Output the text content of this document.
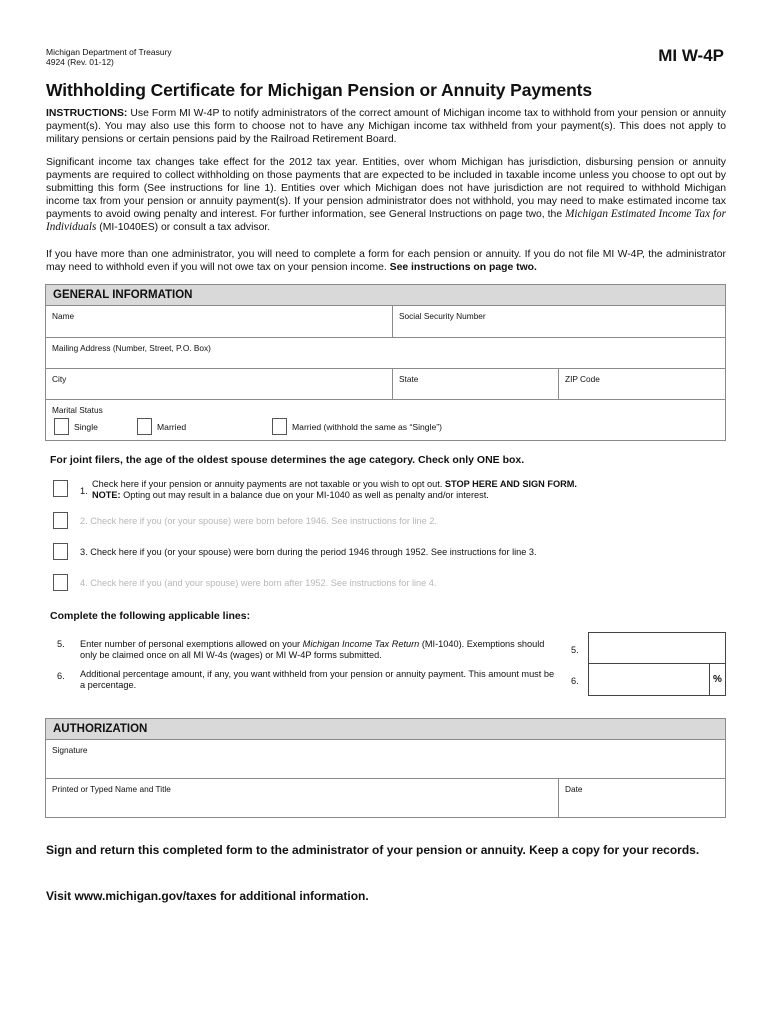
Michigan Department of Treasury
4924 (Rev. 01-12)	MI W-4P
Withholding Certificate for Michigan Pension or Annuity Payments
INSTRUCTIONS: Use Form MI W-4P to notify administrators of the correct amount of Michigan income tax to withhold from your pension or annuity payment(s). You may also use this form to choose not to have any Michigan income tax withheld from your payment(s). This does not apply to military pensions or certain pensions paid by the Railroad Retirement Board.
Significant income tax changes take effect for the 2012 tax year. Entities, over whom Michigan has jurisdiction, disbursing pension or annuity payments are required to collect withholding on those payments that are expected to be included in taxable income unless you choose to opt out by submitting this form (See instructions for line 1). Entities over which Michigan does not have jurisdiction are not required to withhold Michigan income tax from your pension or annuity payment(s). If your pension administrator does not withhold, you may need to make estimated income tax payments to avoid owing penalty and interest. For further information, see General Instructions on page two, the Michigan Estimated Income Tax for Individuals (MI-1040ES) or consult a tax advisor.
If you have more than one administrator, you will need to complete a form for each pension or annuity. If you do not file MI W-4P, the administrator may need to withhold even if you will not owe tax on your pension income. See instructions on page two.
GENERAL INFORMATION
Name	Social Security Number
Mailing Address (Number, Street, P.O. Box)
City	State	ZIP Code
Marital Status
Single	Married	Married (withhold the same as “Single”)
For joint filers, the age of the oldest spouse determines the age category. Check only ONE box.
1.
Check here if your pension or annuity payments are not taxable or you wish to opt out. STOP HERE AND SIGN FORM.
NOTE: Opting out may result in a balance due on your MI-1040 as well as penalty and/or interest.
2. Check here if you (or your spouse) were born before 1946. See instructions for line 2.
3. Check here if you (or your spouse) were born during the period 1946 through 1952. See instructions for line 3.
4. Check here if you (and your spouse) were born after 1952. See instructions for line 4.
Complete the following applicable lines:
5. Enter number of personal exemptions allowed on your Michigan Income Tax Return (MI-1040). Exemptions should only be claimed once on all MI W-4s (wages) or MI W-4P forms submitted.	5.
6. Additional percentage amount, if any, you want withheld from your pension or annuity payment. This amount must be a percentage.	6.	%
AUTHORIZATION
Signature
Printed or Typed Name and Title	Date
Sign and return this completed form to the administrator of your pension or annuity. Keep a copy for your records.
Visit www.michigan.gov/taxes for additional information.
